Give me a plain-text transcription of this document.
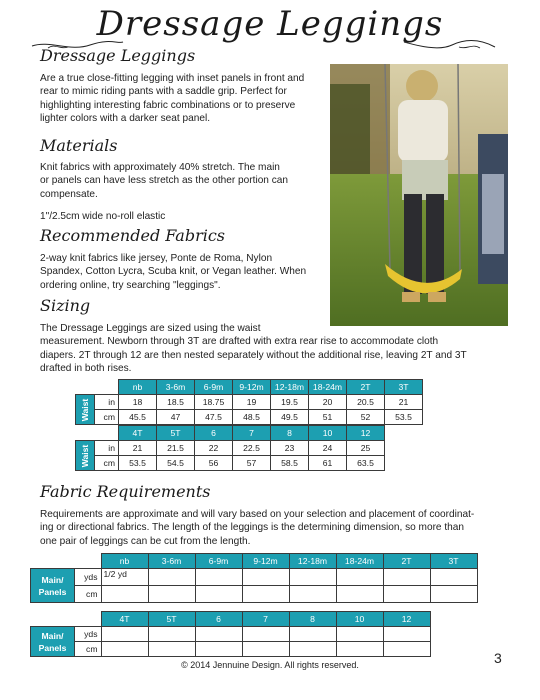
Dressage Leggings
Dressage Leggings
Are a true close-fitting legging with inset panels in front and
rear to mimic riding pants with a saddle grip. Perfect for
highlighting interesting fabric combinations or to preserve
lighter colors with a darker seat panel.
Materials
Knit fabrics with approximately 40% stretch. The main
or panels can have less stretch as the other portion can
compensate.
1"/2.5cm wide no-roll elastic
Recommended Fabrics
2-way knit fabrics like jersey, Ponte de Roma, Nylon
Spandex, Cotton Lycra, Scuba knit, or Vegan leather. When
ordering online, try searching "leggings".
Sizing
The Dressage Leggings are sized using the waist
measurement. Newborn through 3T are drafted with extra rear rise to accommodate cloth
diapers. 2T through 12 are then nested separately without the additional rise, leaving 2T and 3T
drafted in both rises.
		nb	3-6m	6-9m	9-12m	12-18m	18-24m	2T	3T

Waist	in	18	18.5	18.75	19	19.5	20	20.5	21
	cm	45.5	47	47.5	48.5	49.5	51	52	53.5
		4T	5T	6	7	8	10	12

Waist	in	21	21.5	22	22.5	23	24	25
	cm	53.5	54.5	56	57	58.5	61	63.5
Fabric Requirements
Requirements are approximate and will vary based on your selection and placement of coordinat-
ing or directional fabrics. The length of the leggings is the determining dimension, so more than
one pair of leggings can be cut from the length.
		nb	3-6m	6-9m	9-12m	12-18m	18-24m	2T	3T

Main/
Panels	yds	1/2 yd							
	cm								
		4T	5T	6	7	8	10	12

Main/
Panels	yds							
	cm							
© 2014 Jennuine Design. All rights reserved.	3
